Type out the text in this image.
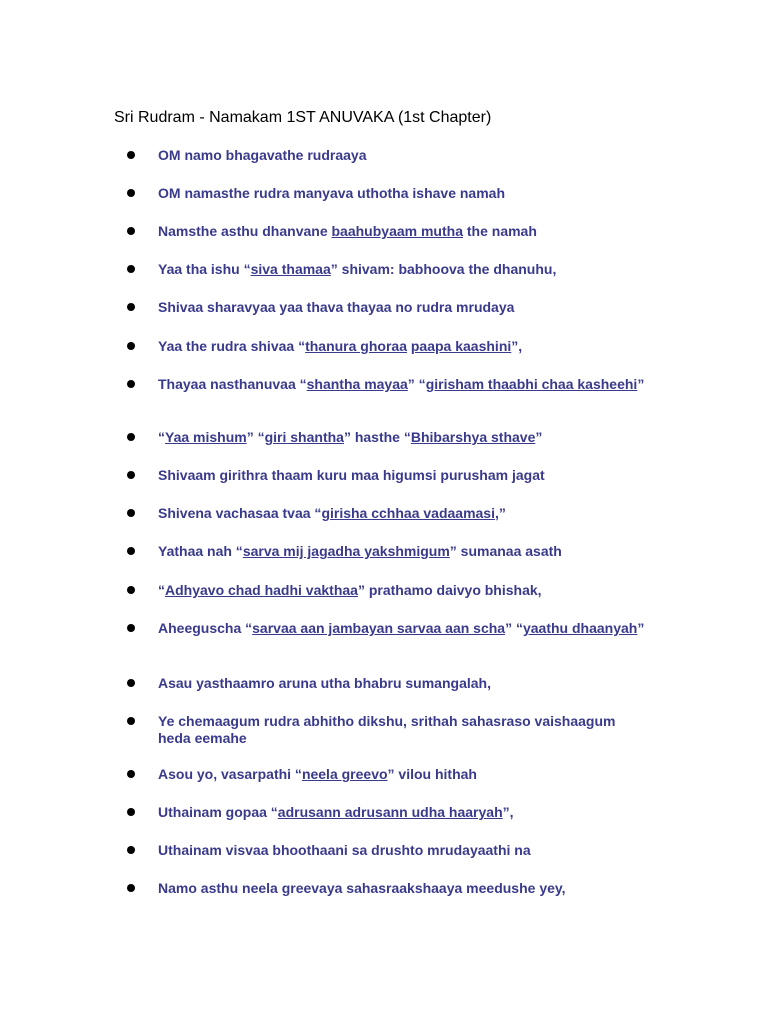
Sri Rudram - Namakam 1ST ANUVAKA (1st Chapter)
OM namo bhagavathe rudraaya
OM namasthe rudra manyava uthotha ishave namah
Namsthe asthu dhanvane baahubyaam mutha the namah
Yaa tha ishu “siva thamaa” shivam: babhoova the dhanuhu,
Shivaa sharavyaa yaa thava thayaa no rudra mrudaya
Yaa the rudra shivaa “thanura ghoraa paapa kaashini”,
Thayaa nasthanuvaa “shantha mayaa” “girisham thaabhi chaa kasheehi”
“Yaa mishum” “giri shantha” hasthe “Bhibarshya sthave”
Shivaam girithra thaam kuru maa higumsi purusham jagat
Shivena vachasaa tvaa “girisha cchhaa vadaamasi,”
Yathaa nah “sarva mij jagadha yakshmigum” sumanaa asath
“Adhyavo chad hadhi vakthaa” prathamo daivyo bhishak,
Aheeguscha “sarvaa aan jambayan sarvaa aan scha” “yaathu dhaanyah”
Asau yasthaamro aruna utha bhabru sumangalah,
Ye chemaagum rudra abhitho dikshu, srithah sahasraso vaishaagum heda eemahe
Asou yo, vasarpathi “neela greevo” vilou hithah
Uthainam gopaa “adrusann adrusann udha haaryah”,
Uthainam visvaa bhoothaani sa drushto mrudayaathi na
Namo asthu neela greevaya sahasraakshaaya meedushe yey,
